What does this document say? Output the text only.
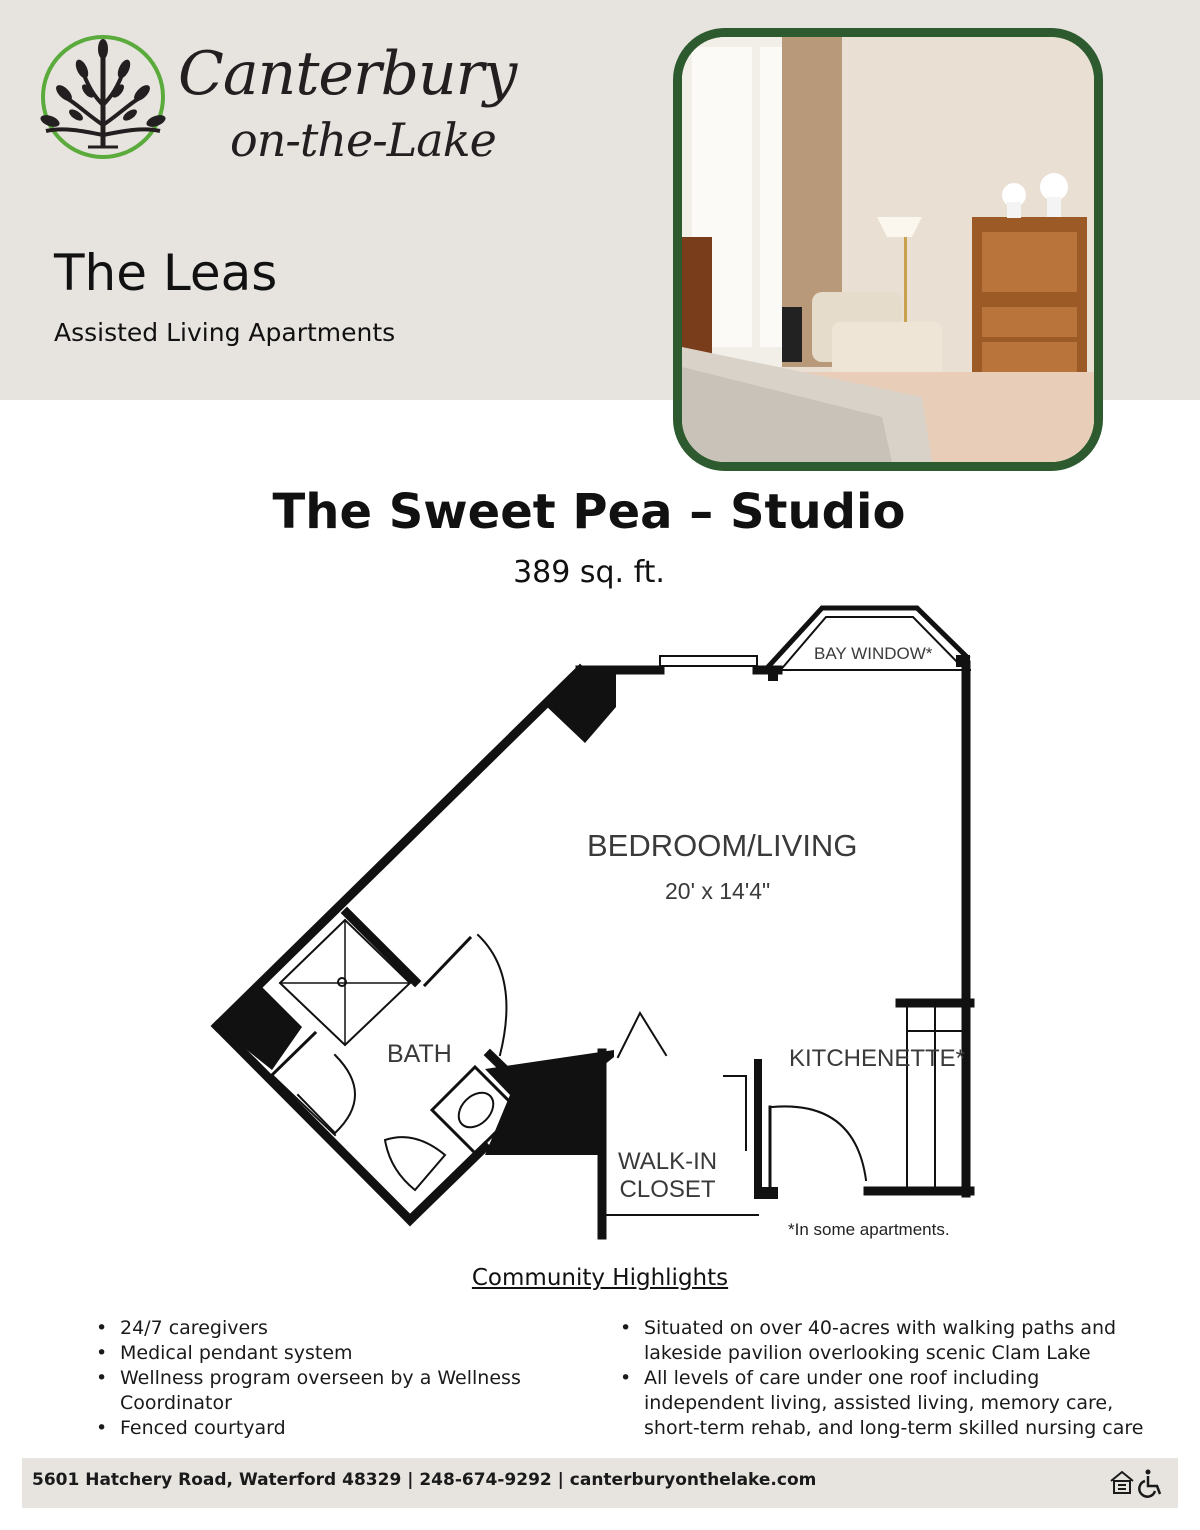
Canterbury
on-the-Lake
The Leas
Assisted Living Apartments
The Sweet Pea – Studio
389 sq. ft.
BAY WINDOW*
BEDROOM/LIVING
20' x 14'4"
BATH	KITCHENETTE*
WALK-IN
CLOSET
*In some apartments.
Community Highlights
• 24/7 caregivers
• Medical pendant system
• Wellness program overseen by a Wellness Coordinator
• Fenced courtyard
• Situated on over 40-acres with walking paths and lakeside pavilion overlooking scenic Clam Lake
• All levels of care under one roof including independent living, assisted living, memory care, short-term rehab, and long-term skilled nursing care
5601 Hatchery Road, Waterford 48329 | 248-674-9292 | canterburyonthelake.com
